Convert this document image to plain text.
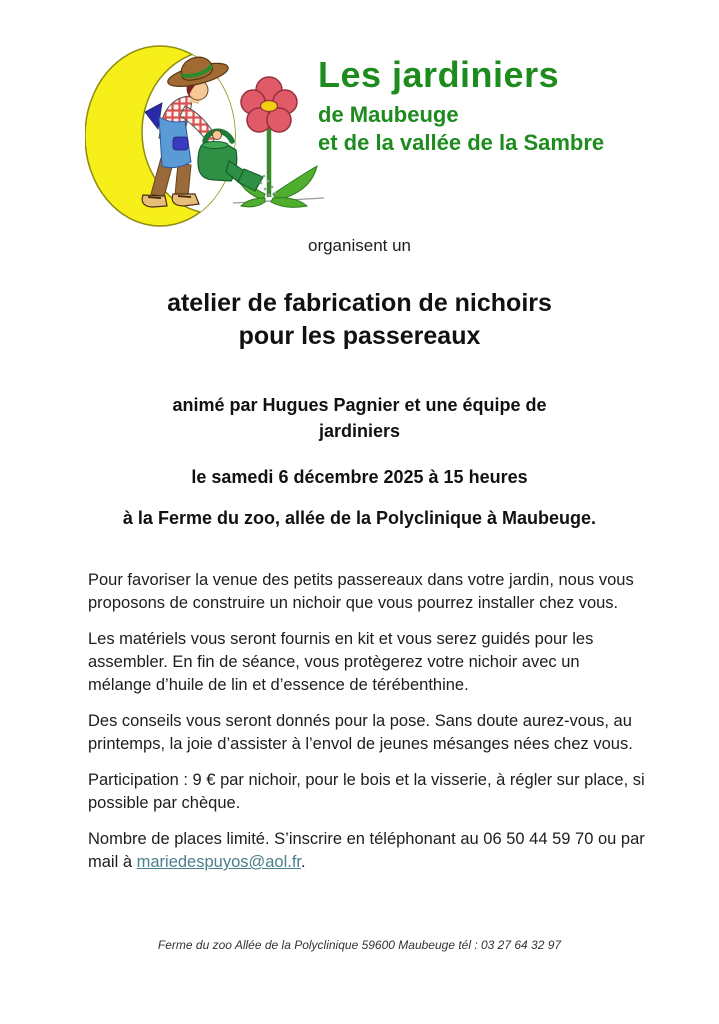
Les jardiniers
de Maubeuge
et de la vallée de la Sambre
organisent un
atelier de fabrication de nichoirs
pour les passereaux
animé par Hugues Pagnier et une équipe de
jardiniers
le samedi 6 décembre 2025 à 15 heures
à la Ferme du zoo, allée de la Polyclinique à Maubeuge.

Pour favoriser la venue des petits passereaux dans votre jardin, nous vous proposons de construire un nichoir que vous pourrez installer chez vous.

Les matériels vous seront fournis en kit et vous serez guidés pour les assembler. En fin de séance, vous protègerez votre nichoir avec un mélange d’huile de lin et d’essence de térébenthine.

Des conseils vous seront donnés pour la pose. Sans doute aurez-vous, au printemps, la joie d’assister à l’envol de jeunes mésanges nées chez vous.

Participation : 9 € par nichoir, pour le bois et la visserie, à régler sur place, si possible par chèque.

Nombre de places limité. S’inscrire en téléphonant au 06 50 44 59 70 ou par mail à mariedespuyos@aol.fr.

Ferme du zoo Allée de la Polyclinique 59600 Maubeuge tél : 03 27 64 32 97
